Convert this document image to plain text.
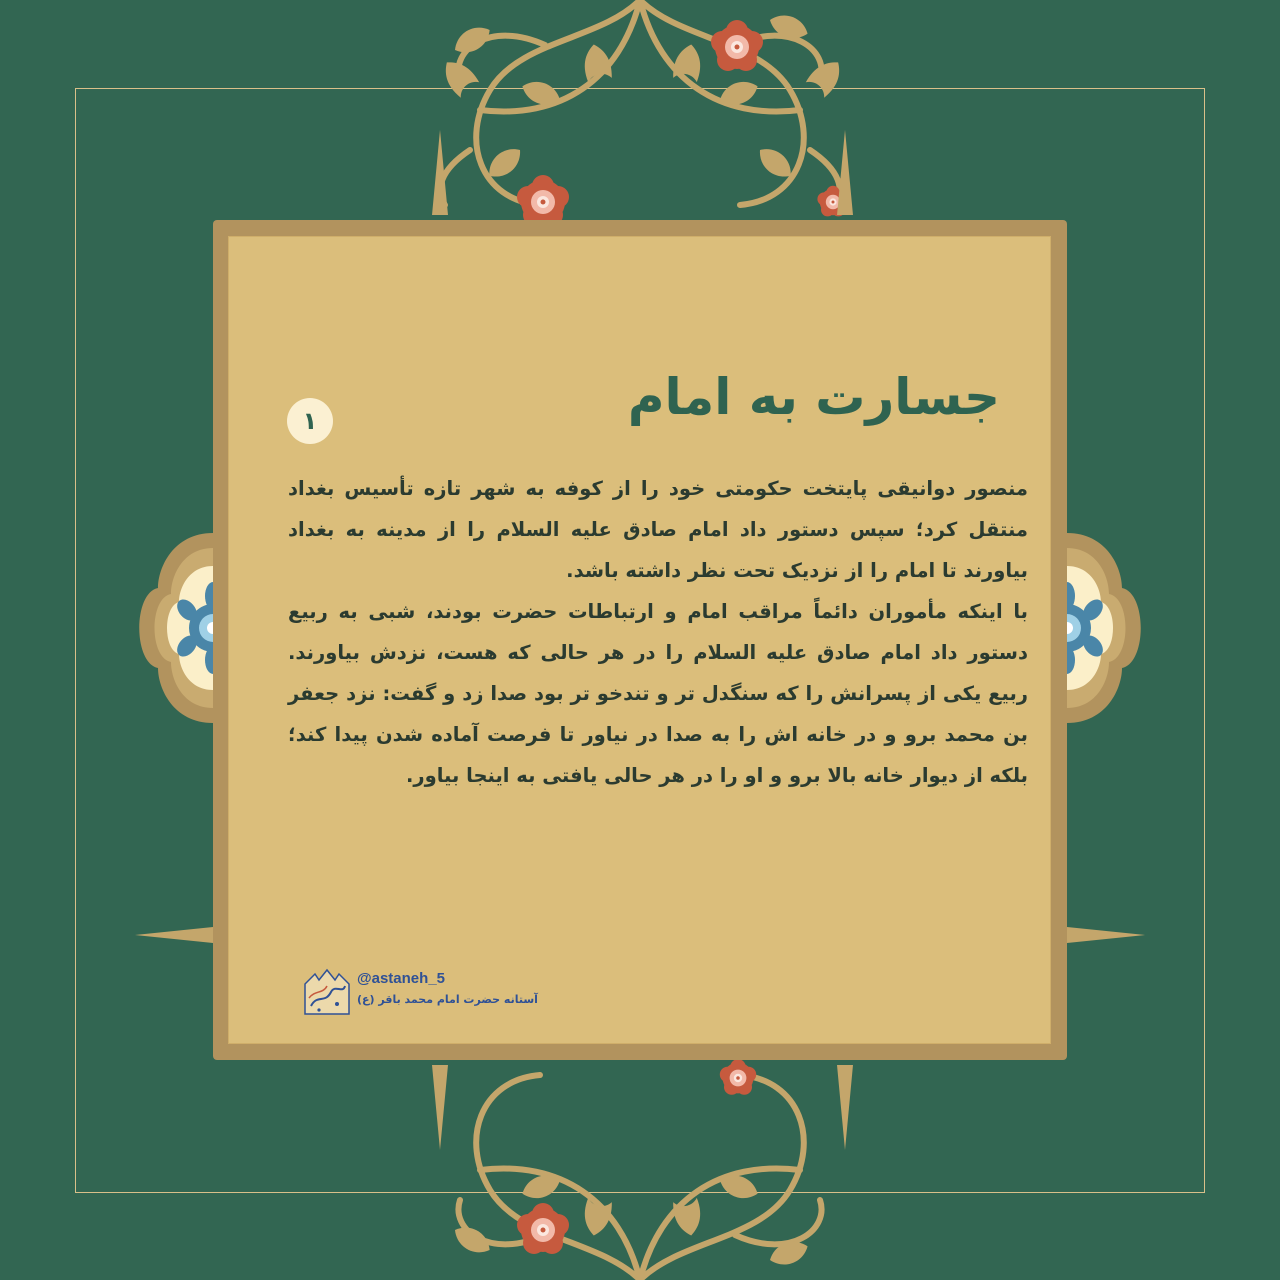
جسارت به امام
۱

منصور دوانیقی پایتخت حکومتی خود را از کوفه به شهر تازه تأسیس بغداد منتقل کرد؛ سپس دستور داد امام صادق علیه السلام را از مدینه به بغداد بیاورند تا امام را از نزدیک تحت نظر داشته باشد.

با اینکه مأموران دائماً مراقب امام و ارتباطات حضرت بودند، شبی به ربیع دستور داد امام صادق علیه السلام را در هر حالی که هست، نزدش بیاورند. ربیع یکی از پسرانش را که سنگدل تر و تندخو تر بود صدا زد و گفت: نزد جعفر بن محمد برو و در خانه اش را به صدا در نیاور تا فرصت آماده شدن پیدا کند؛ بلکه از دیوار خانه بالا برو و او را در هر حالی یافتی به اینجا بیاور.

@astaneh_5
آستانه حضرت امام محمد باقر (ع)
